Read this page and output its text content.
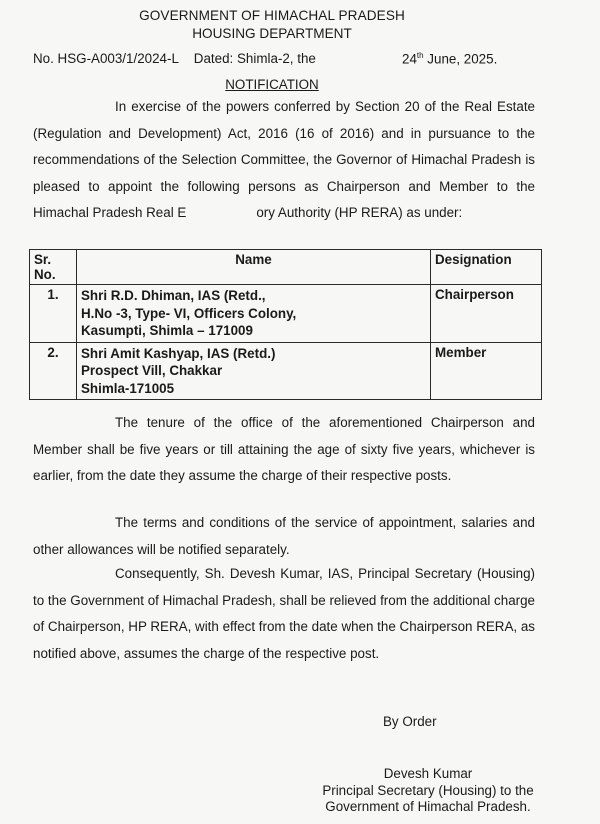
GOVERNMENT OF HIMACHAL PRADESH
HOUSING DEPARTMENT
No. HSG-A003/1/2024-L Dated: Shimla-2, the	24th June, 2025.
NOTIFICATION
In exercise of the powers conferred by Section 20 of the Real Estate (Regulation and Development) Act, 2016 (16 of 2016) and in pursuance to the recommendations of the Selection Committee, the Governor of Himachal Pradesh is pleased to appoint the following persons as Chairperson and Member to the Himachal Pradesh Real E	ory Authority (HP RERA) as under:
Sr. No.	Name	Designation
1.	Shri R.D. Dhiman, IAS (Retd.,
H.No -3, Type- VI, Officers Colony,
Kasumpti, Shimla – 171009	Chairperson
2.	Shri Amit Kashyap, IAS (Retd.)
Prospect Vill, Chakkar
Shimla-171005	Member
The tenure of the office of the aforementioned Chairperson and Member shall be five years or till attaining the age of sixty five years, whichever is earlier, from the date they assume the charge of their respective posts.
The terms and conditions of the service of appointment, salaries and other allowances will be notified separately.
Consequently, Sh. Devesh Kumar, IAS, Principal Secretary (Housing) to the Government of Himachal Pradesh, shall be relieved from the additional charge of Chairperson, HP RERA, with effect from the date when the Chairperson RERA, as notified above, assumes the charge of the respective post.
By Order
Devesh Kumar
Principal Secretary (Housing) to the
Government of Himachal Pradesh.
